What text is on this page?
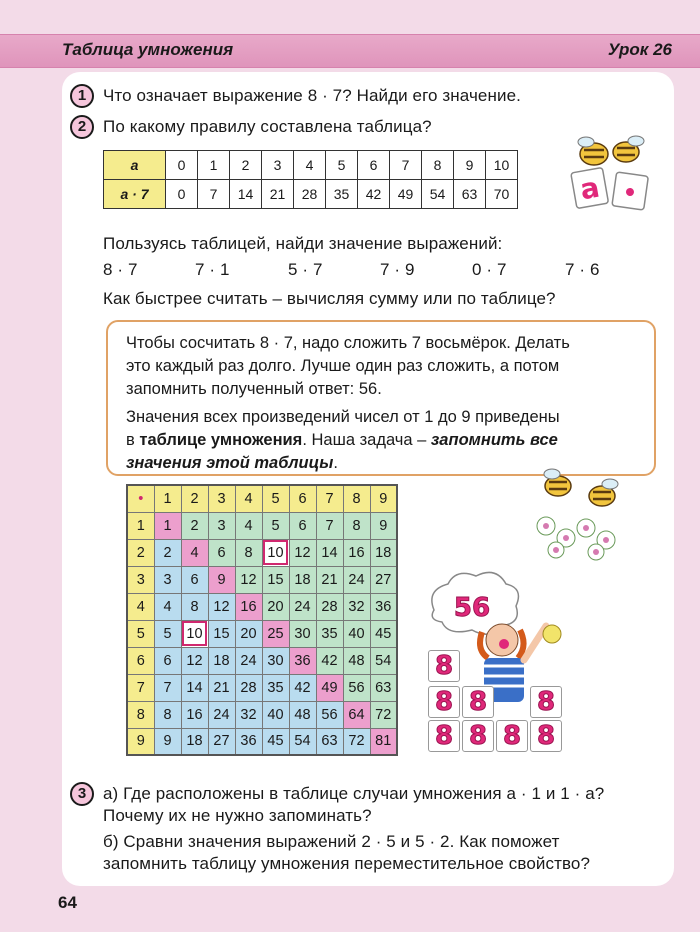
Таблица умножения	Урок 26
1 Что означает выражение 8 · 7? Найди его значение.
2 По какому правилу составлена таблица?
a	0	1	2	3	4	5	6	7	8	9	10
a · 7	0	7	14	21	28	35	42	49	54	63	70 a
Пользуясь таблицей, найди значение выражений:
8 · 7	7 · 1	5 · 7	7 · 9	0 · 7	7 · 6
Как быстрее считать – вычисляя сумму или по таблице?
Чтобы сосчитать 8 · 7, надо сложить 7 восьмёрок. Делать
это каждый раз долго. Лучше один раз сложить, а потом
запомнить полученный ответ: 56.
Значения всех произведений чисел от 1 до 9 приведены
в таблице умножения. Наша задача – запомнить все
значения этой таблицы.
•	1	2	3	4	5	6	7	8	9
1	1	2	3	4	5	6	7	8	9
2	2	4	6	8	10	12	14	16	18
3	3	6	9	12	15	18	21	24	27
4	4	8	12	16	20	24	28	32	36
5	5	10	15	20	25	30	35	40	45
6	6	12	18	24	30	36	42	48	54
7	7	14	21	28	35	42	49	56	63
8	8	16	24	32	40	48	56	64	72
9	9	18	27	36	45	54	63	72	81
56
8
8 8
8 8 8 8
8
3 а) Где расположены в таблице случаи умножения a · 1 и 1 · a?
Почему их не нужно запоминать?
б) Сравни значения выражений 2 · 5 и 5 · 2. Как поможет
запомнить таблицу умножения переместительное свойство?
64
